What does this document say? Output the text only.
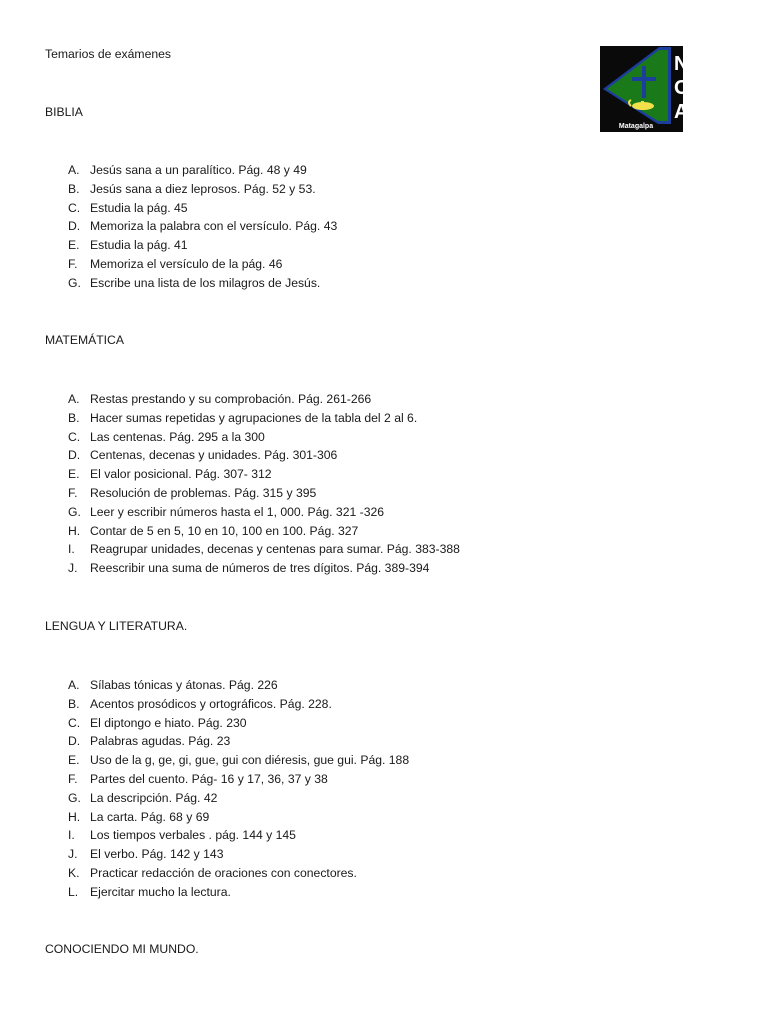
Temarios de exámenes	N
O
A
Matagalpa
BIBLIA
A. Jesús sana a un paralítico. Pág. 48 y 49
B. Jesús sana a diez leprosos. Pág. 52 y 53.
C. Estudia la pág. 45
D. Memoriza la palabra con el versículo. Pág. 43
E. Estudia la pág. 41
F.	Memoriza el versículo de la pág. 46
G. Escribe una lista de los milagros de Jesús.
MATEMÁTICA
A. Restas prestando y su comprobación. Pág. 261-266
B. Hacer sumas repetidas y agrupaciones de la tabla del 2 al 6.
C. Las centenas. Pág. 295 a la 300
D. Centenas, decenas y unidades. Pág. 301-306
E. El valor posicional. Pág. 307- 312
F.	Resolución de problemas. Pág. 315 y 395
G. Leer y escribir números hasta el 1, 000. Pág. 321 -326
H. Contar de 5 en 5, 10 en 10, 100 en 100. Pág. 327
I.	Reagrupar unidades, decenas y centenas para sumar. Pág. 383-388
J.	Reescribir una suma de números de tres dígitos. Pág. 389-394
LENGUA Y LITERATURA.
A. Sílabas tónicas y átonas. Pág. 226
B. Acentos prosódicos y ortográficos. Pág. 228.
C. El diptongo e hiato. Pág. 230
D. Palabras agudas. Pág. 23
E. Uso de la g, ge, gi, gue, gui con diéresis, gue gui. Pág. 188
F.	Partes del cuento. Pág- 16 y 17, 36, 37 y 38
G. La descripción. Pág. 42
H. La carta. Pág. 68 y 69
I.	Los tiempos verbales . pág. 144 y 145
J.	El verbo. Pág. 142 y 143
K. Practicar redacción de oraciones con conectores.
L. Ejercitar mucho la lectura.
CONOCIENDO MI MUNDO.
